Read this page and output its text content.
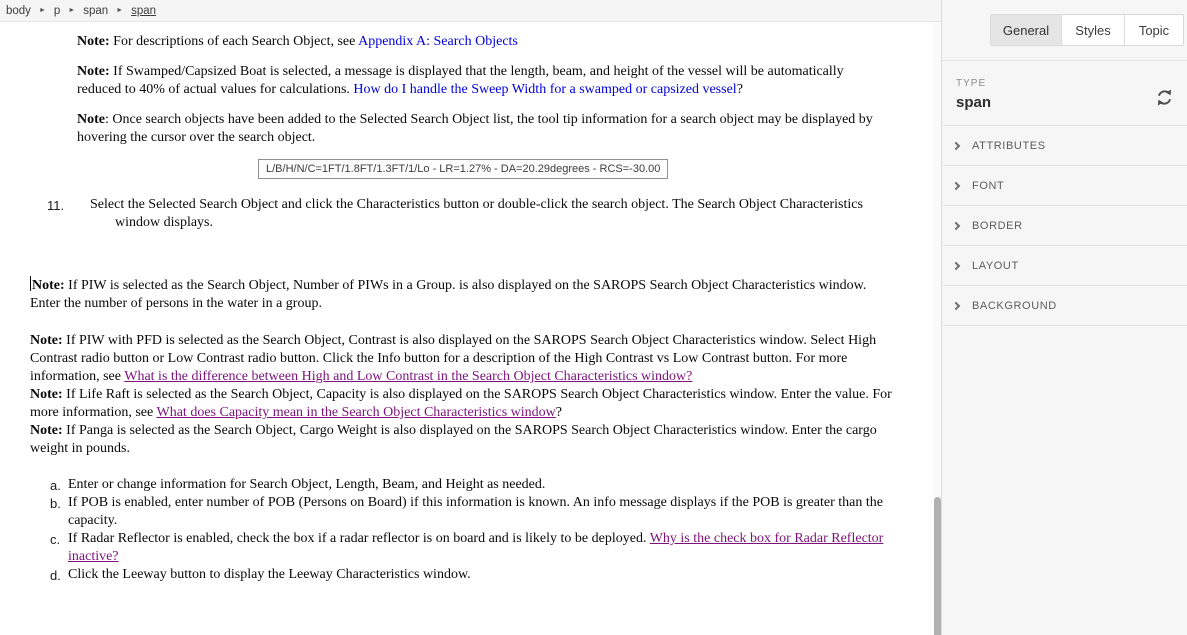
body ► p ► span ► span

Note: For descriptions of each Search Object, see Appendix A: Search Objects

Note: If Swamped/Capsized Boat is selected, a message is displayed that the length, beam, and height of the vessel will be automatically reduced to 40% of actual values for calculations. How do I handle the Sweep Width for a swamped or capsized vessel?

Note: Once search objects have been added to the Selected Search Object list, the tool tip information for a search object may be displayed by hovering the cursor over the search object.

L/B/H/N/C=1FT/1.8FT/1.3FT/1/Lo - LR=1.27% - DA=20.29degrees - RCS=-30.00

11. Select the Selected Search Object and click the Characteristics button or double-click the search object. The Search Object Characteristics window displays.

Note: If PIW is selected as the Search Object, Number of PIWs in a Group. is also displayed on the SAROPS Search Object Characteristics window. Enter the number of persons in the water in a group.

Note: If PIW with PFD is selected as the Search Object, Contrast is also displayed on the SAROPS Search Object Characteristics window. Select High Contrast radio button or Low Contrast radio button. Click the Info button for a description of the High Contrast vs Low Contrast button. For more information, see What is the difference between High and Low Contrast in the Search Object Characteristics window?

Note: If Life Raft is selected as the Search Object, Capacity is also displayed on the SAROPS Search Object Characteristics window. Enter the value. For more information, see What does Capacity mean in the Search Object Characteristics window?

Note: If Panga is selected as the Search Object, Cargo Weight is also displayed on the SAROPS Search Object Characteristics window. Enter the cargo weight in pounds.

a. Enter or change information for Search Object, Length, Beam, and Height as needed.
b. If POB is enabled, enter number of POB (Persons on Board) if this information is known. An info message displays if the POB is greater than the capacity.
c. If Radar Reflector is enabled, check the box if a radar reflector is on board and is likely to be deployed. Why is the check box for Radar Reflector inactive?
d. Click the Leeway button to display the Leeway Characteristics window.
General	Styles	Topic
TYPE
span
ATTRIBUTES
FONT
BORDER
LAYOUT
BACKGROUND
